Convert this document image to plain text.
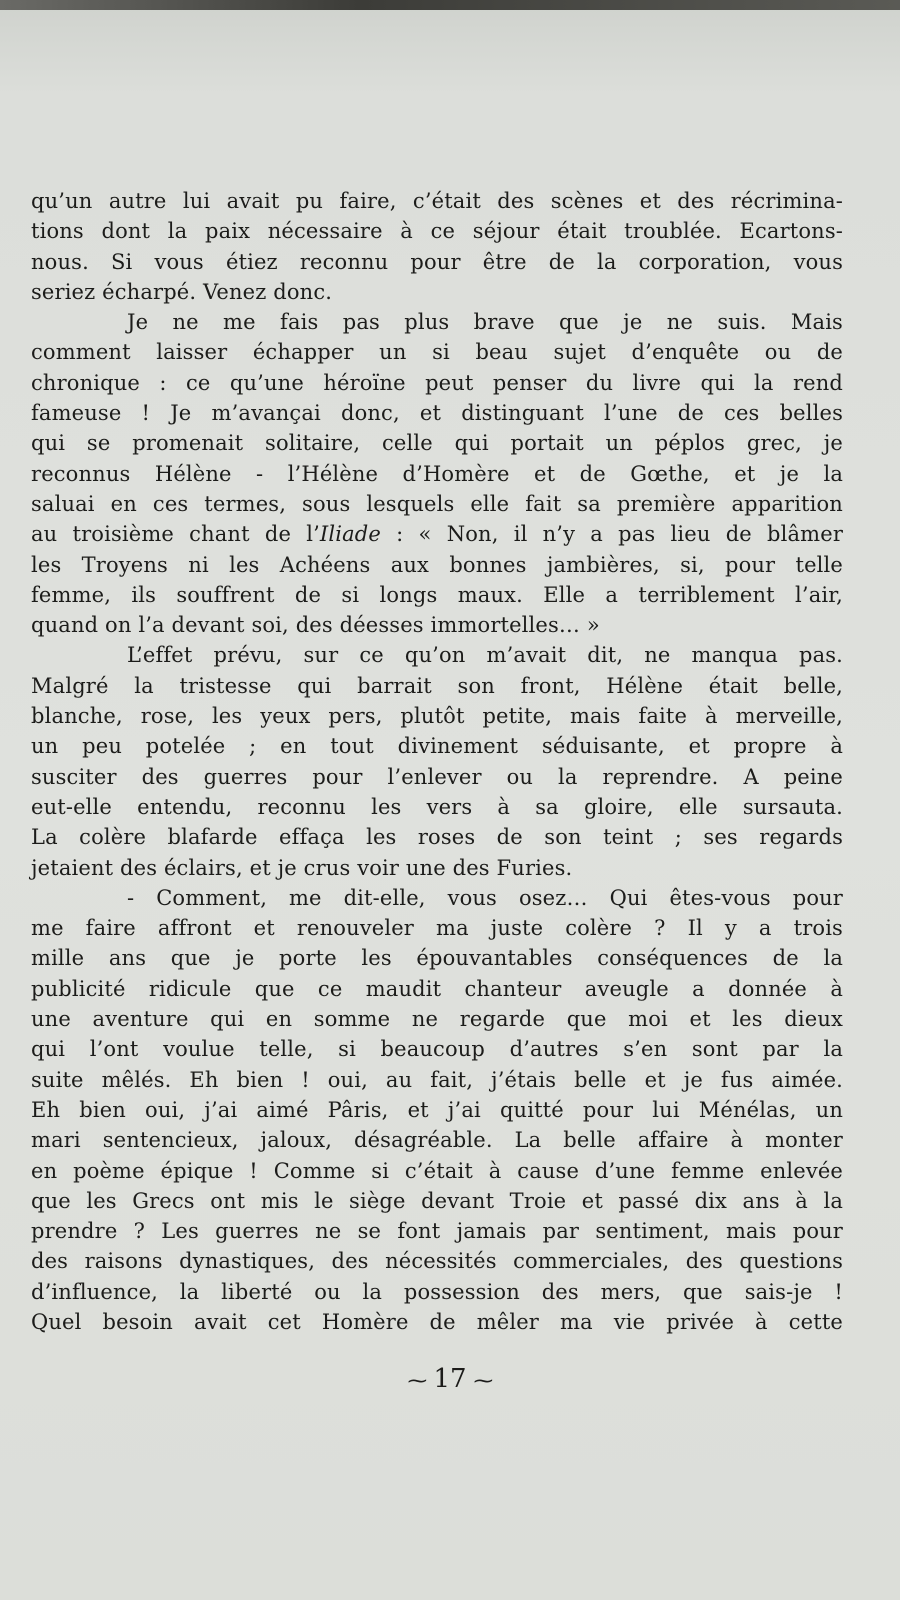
qu’un autre lui avait pu faire, c’était des scènes et des récrimina-

tions dont la paix nécessaire à ce séjour était troublée. Ecartons-

nous. Si vous étiez reconnu pour être de la corporation, vous

seriez écharpé. Venez donc.

Je ne me fais pas plus brave que je ne suis. Mais

comment laisser échapper un si beau sujet d’enquête ou de

chronique : ce qu’une héroïne peut penser du livre qui la rend

fameuse ! Je m’avançai donc, et distinguant l’une de ces belles

qui se promenait solitaire, celle qui portait un péplos grec, je

reconnus Hélène - l’Hélène d’Homère et de Gœthe, et je la

saluai en ces termes, sous lesquels elle fait sa première apparition

au troisième chant de l’Iliade : « Non, il n’y a pas lieu de blâmer

les Troyens ni les Achéens aux bonnes jambières, si, pour telle

femme, ils souffrent de si longs maux. Elle a terriblement l’air,

quand on l’a devant soi, des déesses immortelles… »

L’effet prévu, sur ce qu’on m’avait dit, ne manqua pas.

Malgré la tristesse qui barrait son front, Hélène était belle,

blanche, rose, les yeux pers, plutôt petite, mais faite à merveille,

un peu potelée ; en tout divinement séduisante, et propre à

susciter des guerres pour l’enlever ou la reprendre. A peine

eut-elle entendu, reconnu les vers à sa gloire, elle sursauta.

La colère blafarde effaça les roses de son teint ; ses regards

jetaient des éclairs, et je crus voir une des Furies.

- Comment, me dit-elle, vous osez… Qui êtes-vous pour

me faire affront et renouveler ma juste colère ? Il y a trois

mille ans que je porte les épouvantables conséquences de la

publicité ridicule que ce maudit chanteur aveugle a donnée à

une aventure qui en somme ne regarde que moi et les dieux

qui l’ont voulue telle, si beaucoup d’autres s’en sont par la

suite mêlés. Eh bien ! oui, au fait, j’étais belle et je fus aimée.

Eh bien oui, j’ai aimé Pâris, et j’ai quitté pour lui Ménélas, un

mari sentencieux, jaloux, désagréable. La belle affaire à monter

en poème épique ! Comme si c’était à cause d’une femme enlevée

que les Grecs ont mis le siège devant Troie et passé dix ans à la

prendre ? Les guerres ne se font jamais par sentiment, mais pour

des raisons dynastiques, des nécessités commerciales, des questions

d’influence, la liberté ou la possession des mers, que sais-je !

Quel besoin avait cet Homère de mêler ma vie privée à cette

~ 17 ~
